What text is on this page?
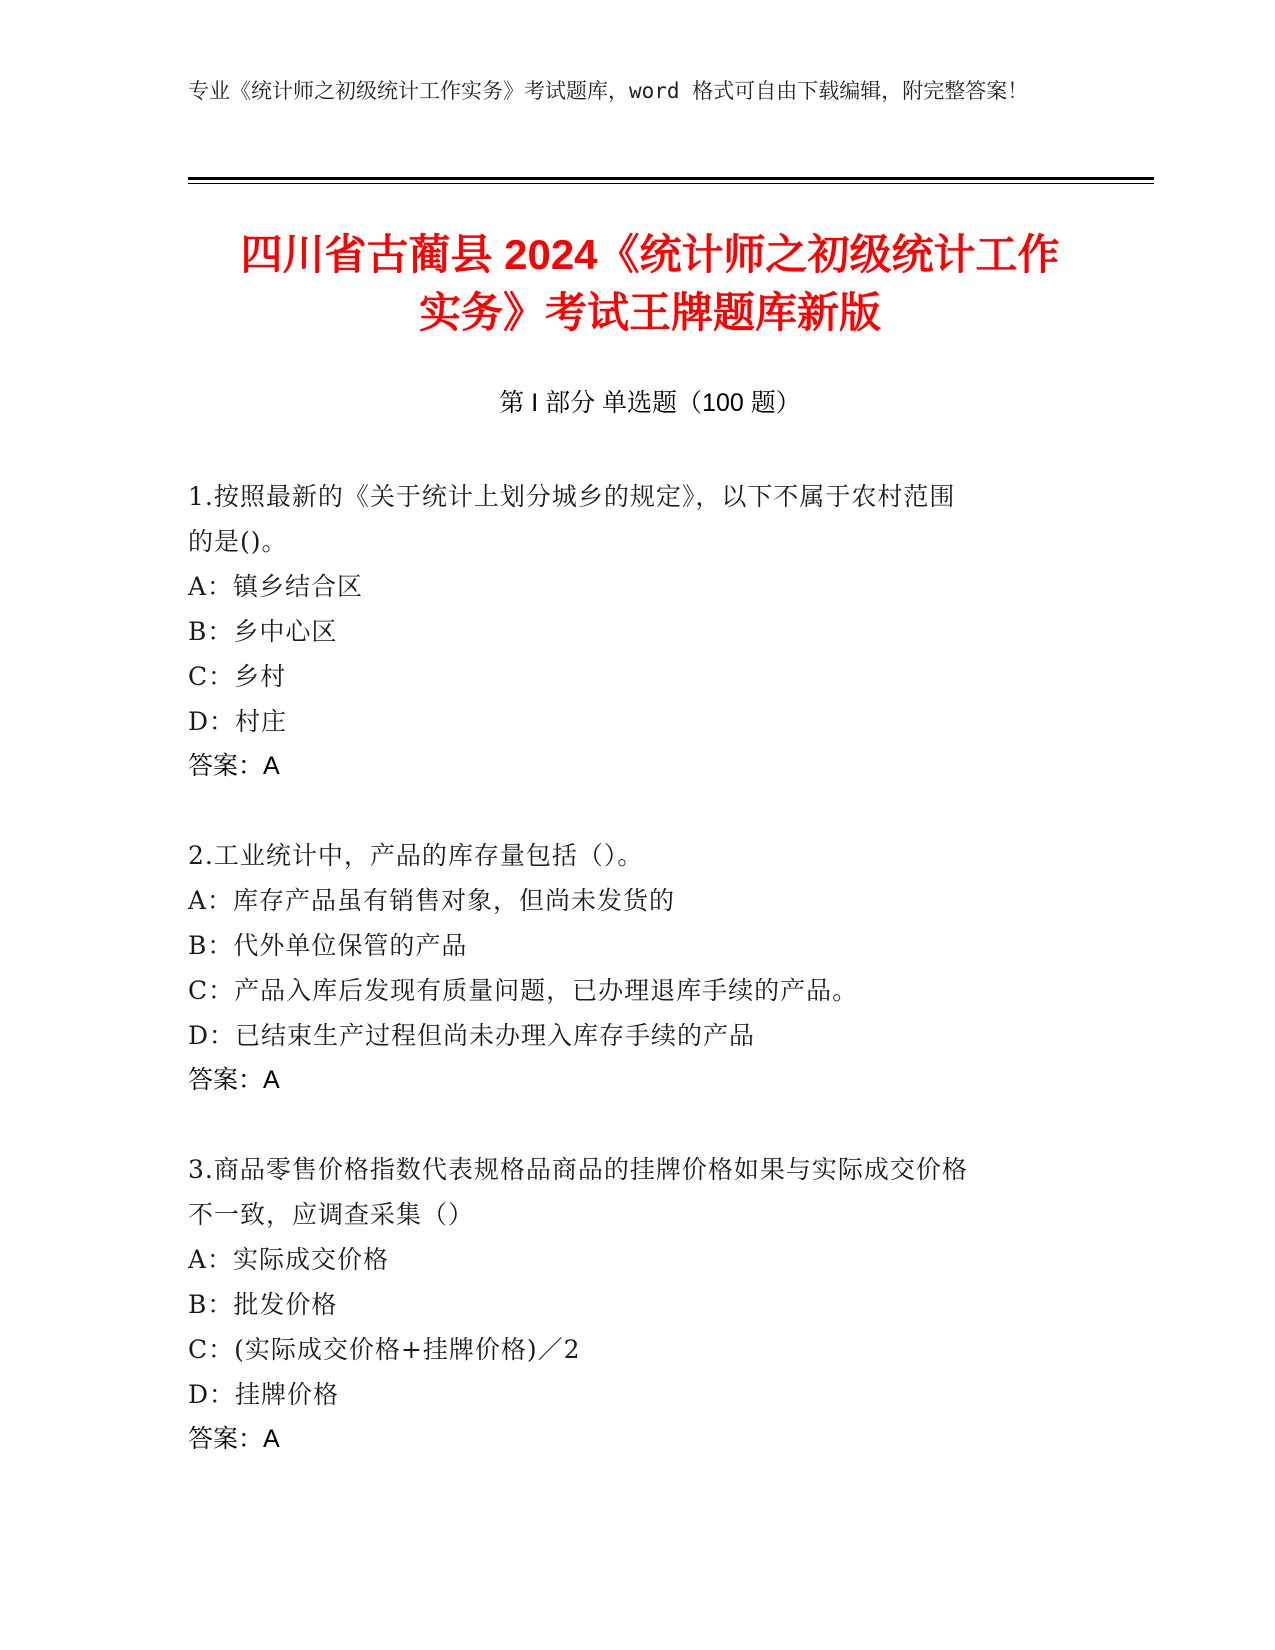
专业《统计师之初级统计工作实务》考试题库，word 格式可自由下载编辑，附完整答案！
四川省古蔺县 2024《统计师之初级统计工作
实务》考试王牌题库新版
第 I 部分 单选题（100 题）

1.按照最新的《关于统计上划分城乡的规定》，以下不属于农村范围

的是()。

A：镇乡结合区

B：乡中心区

C：乡村

D：村庄

答案：A

2.工业统计中，产品的库存量包括（）。

A：库存产品虽有销售对象，但尚未发货的

B：代外单位保管的产品

C：产品入库后发现有质量问题，已办理退库手续的产品。

D：已结束生产过程但尚未办理入库存手续的产品

答案：A

3.商品零售价格指数代表规格品商品的挂牌价格如果与实际成交价格

不一致，应调查采集（）

A：实际成交价格

B：批发价格

C：(实际成交价格+挂牌价格)／2

D：挂牌价格

答案：A
